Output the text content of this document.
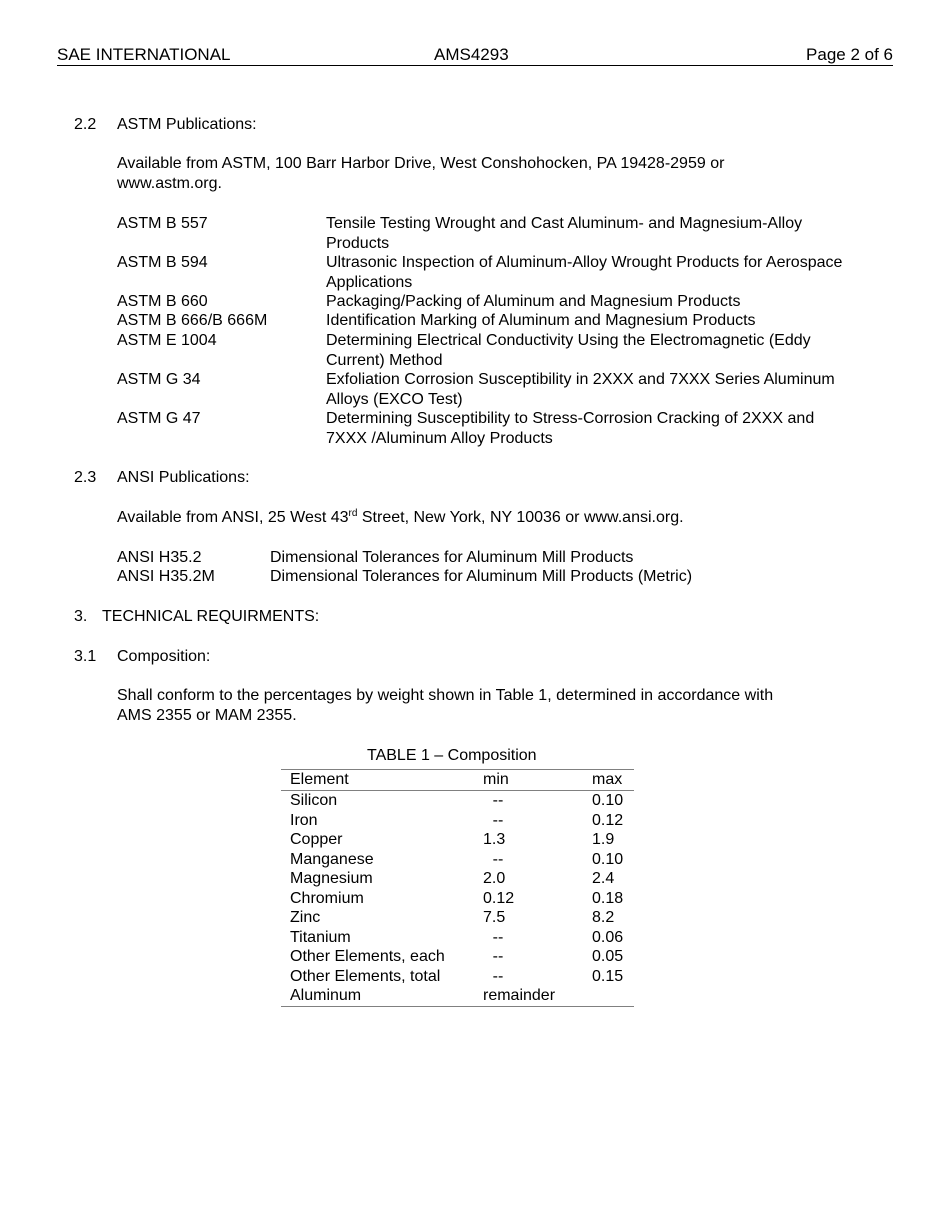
SAE INTERNATIONAL	AMS4293	Page 2 of 6
2.2 ASTM Publications:
Available from ASTM, 100 Barr Harbor Drive, West Conshohocken, PA 19428-2959 or
www.astm.org.
ASTM B 557	Tensile Testing Wrought and Cast Aluminum- and Magnesium-Alloy Products
ASTM B 594	Ultrasonic Inspection of Aluminum-Alloy Wrought Products for Aerospace Applications
ASTM B 660	Packaging/Packing of Aluminum and Magnesium Products
ASTM B 666/B 666M	Identification Marking of Aluminum and Magnesium Products
ASTM E 1004	Determining Electrical Conductivity Using the Electromagnetic (Eddy Current) Method
ASTM G 34	Exfoliation Corrosion Susceptibility in 2XXX and 7XXX Series Aluminum Alloys (EXCO Test)
ASTM G 47	Determining Susceptibility to Stress-Corrosion Cracking of 2XXX and 7XXX /Aluminum Alloy Products
2.3 ANSI Publications:
Available from ANSI, 25 West 43rd Street, New York, NY 10036 or www.ansi.org.
ANSI H35.2	Dimensional Tolerances for Aluminum Mill Products
ANSI H35.2M	Dimensional Tolerances for Aluminum Mill Products (Metric)
3. TECHNICAL REQUIRMENTS:
3.1 Composition:
Shall conform to the percentages by weight shown in Table 1, determined in accordance with
AMS 2355 or MAM 2355.
TABLE 1 – Composition
Element	min	max
Silicon	--	0.10
Iron	--	0.12
Copper	1.3	1.9
Manganese	--	0.10
Magnesium	2.0	2.4
Chromium	0.12	0.18
Zinc	7.5	8.2
Titanium	--	0.06
Other Elements, each	--	0.05
Other Elements, total	--	0.15
Aluminum	remainder
